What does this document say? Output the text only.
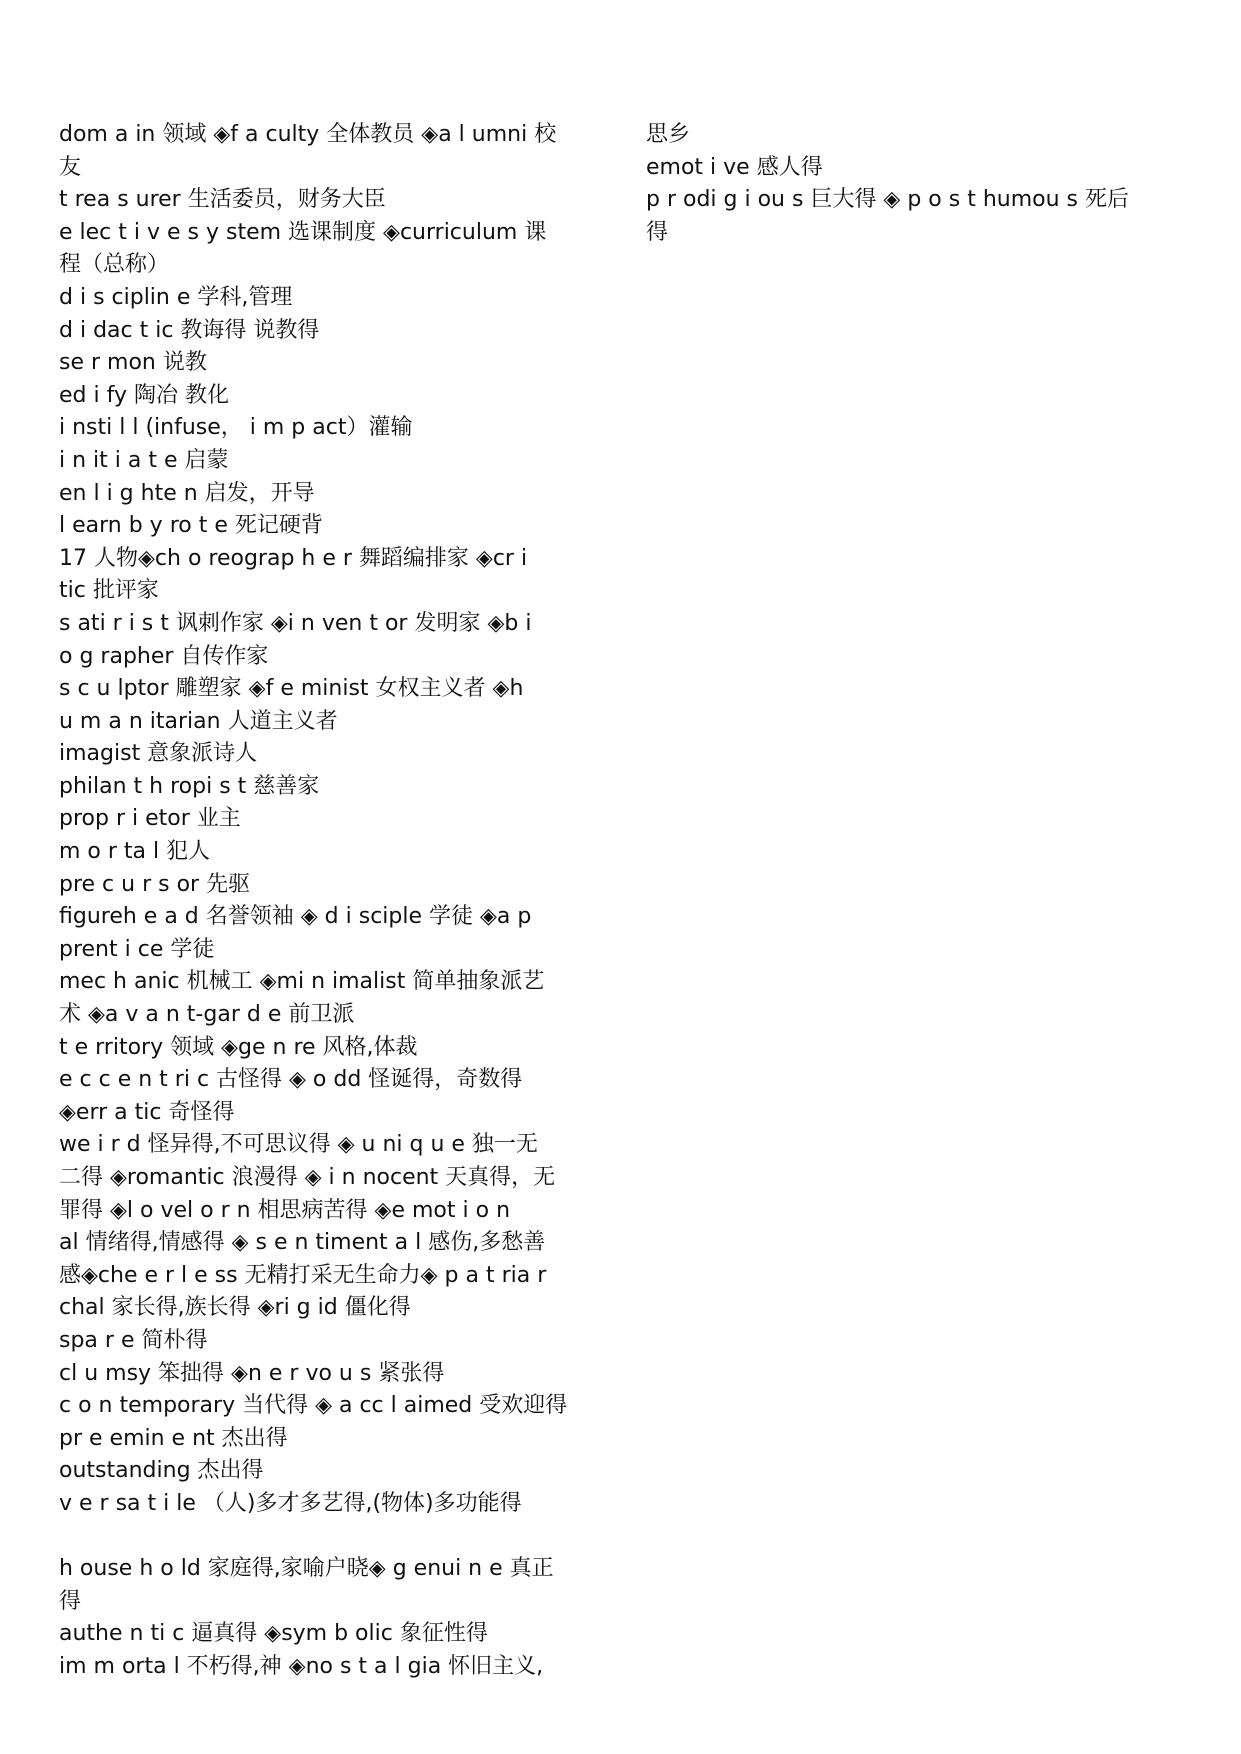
dom a in 领域 ◈f a culty 全体教员 ◈a l umni 校
友
t rea s urer 生活委员，财务大臣
e lec t i v e s y stem 选课制度 ◈curriculum 课
程（总称）
d i s ciplin e 学科,管理
d i dac t ic 教诲得 说教得
se r mon 说教
ed i fy 陶冶 教化
i nsti l l (infuse， i m p act）灌输
i n it i a t e 启蒙
en l i g hte n 启发，开导
l earn b y ro t e 死记硬背
17 人物◈ch o reograp h e r 舞蹈编排家 ◈cr i
tic 批评家
s ati r i s t 讽刺作家 ◈i n ven t or 发明家 ◈b i
o g rapher 自传作家
s c u lptor 雕塑家 ◈f e minist 女权主义者 ◈h
u m a n itarian 人道主义者
imagist 意象派诗人
philan t h ropi s t 慈善家
prop r i etor 业主
m o r ta l 犯人
pre c u r s or 先驱
figureh e a d 名誉领袖 ◈ d i sciple 学徒 ◈a p
prent i ce 学徒
mec h anic 机械工 ◈mi n imalist 简单抽象派艺
术 ◈a v a n t-gar d e 前卫派
t e rritory 领域 ◈ge n re 风格,体裁
e c c e n t ri c 古怪得 ◈ o dd 怪诞得，奇数得
◈err a tic 奇怪得
we i r d 怪异得,不可思议得 ◈ u ni q u e 独一无
二得 ◈romantic 浪漫得 ◈ i n nocent 天真得，无
罪得 ◈l o vel o r n 相思病苦得 ◈e mot i o n
al 情绪得,情感得 ◈ s e n timent a l 感伤,多愁善
感◈che e r l e ss 无精打采无生命力◈ p a t ria r
chal 家长得,族长得 ◈ri g id 僵化得
spa r e 简朴得
cl u msy 笨拙得 ◈n e r vo u s 紧张得
c o n temporary 当代得 ◈ a cc l aimed 受欢迎得
pr e emin e nt 杰出得
outstanding 杰出得
v e r sa t i le （人)多才多艺得,(物体)多功能得
h ouse h o ld 家庭得,家喻户晓◈ g enui n e 真正
得
authe n ti c 逼真得 ◈sym b olic 象征性得
im m orta l 不朽得,神 ◈no s t a l gia 怀旧主义,
思乡
emot i ve 感人得
p r odi g i ou s 巨大得 ◈ p o s t humou s 死后
得
